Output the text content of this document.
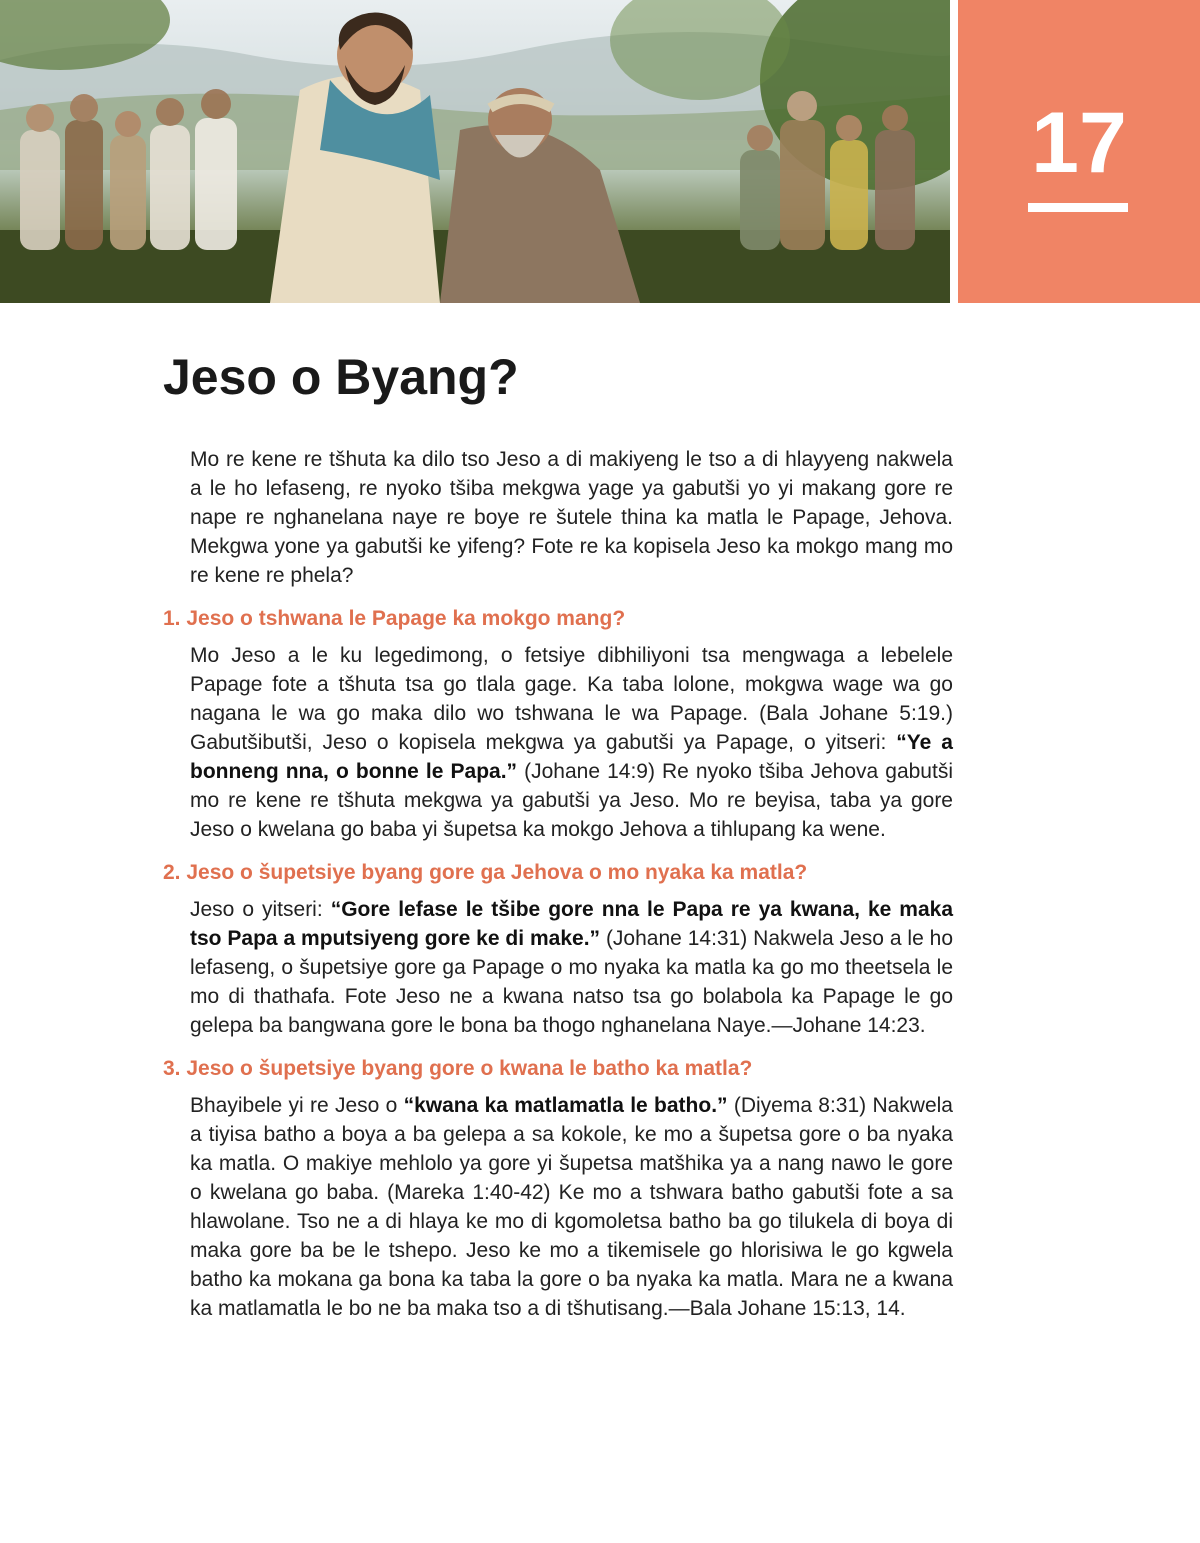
17
Jeso o Byang?

Mo re kene re tšhuta ka dilo tso Jeso a di makiyeng le tso a di hlayyeng nakwela a le ho lefaseng, re nyoko tšiba mekgwa yage ya gabutši yo yi makang gore re nape re nghanelana naye re boye re šutele thina ka matla le Papage, Jehova. Mekgwa yone ya gabutši ke yifeng? Fote re ka kopisela Jeso ka mokgo mang mo re kene re phela?

1. Jeso o tshwana le Papage ka mokgo mang?

Mo Jeso a le ku legedimong, o fetsiye dibhiliyoni tsa mengwaga a lebelele Papage fote a tšhuta tsa go tlala gage. Ka taba lolone, mokgwa wage wa go nagana le wa go maka dilo wo tshwana le wa Papage. (Bala Johane 5:19.) Gabutšibutši, Jeso o kopisela mekgwa ya gabutši ya Papage, o yitseri: “Ye a bonneng nna, o bonne le Papa.” (Johane 14:9) Re nyoko tšiba Jehova gabutši mo re kene re tšhuta mekgwa ya gabutši ya Jeso. Mo re beyisa, taba ya gore Jeso o kwelana go baba yi šupetsa ka mokgo Jehova a tihlupang ka wene.

2. Jeso o šupetsiye byang gore ga Jehova o mo nyaka ka matla?

Jeso o yitseri: “Gore lefase le tšibe gore nna le Papa re ya kwana, ke maka tso Papa a mputsiyeng gore ke di make.” (Johane 14:31) Nakwela Jeso a le ho lefaseng, o šupetsiye gore ga Papage o mo nyaka ka matla ka go mo theetsela le mo di thathafa. Fote Jeso ne a kwana natso tsa go bolabola ka Papage le go gelepa ba bangwana gore le bona ba thogo nghanelana Naye.—Johane 14:23.

3. Jeso o šupetsiye byang gore o kwana le batho ka matla?

Bhayibele yi re Jeso o “kwana ka matlamatla le batho.” (Diyema 8:31) Nakwela a tiyisa batho a boya a ba gelepa a sa kokole, ke mo a šupetsa gore o ba nyaka ka matla. O makiye mehlolo ya gore yi šupetsa matšhika ya a nang nawo le gore o kwelana go baba. (Mareka 1:40-42) Ke mo a tshwara batho gabutši fote a sa hlawolane. Tso ne a di hlaya ke mo di kgomoletsa batho ba go tilukela di boya di maka gore ba be le tshepo. Jeso ke mo a tikemisele go hlorisiwa le go kgwela batho ka mokana ga bona ka taba la gore o ba nyaka ka matla. Mara ne a kwana ka matlamatla le bo ne ba maka tso a di tšhutisang.—Bala Johane 15:13, 14.
